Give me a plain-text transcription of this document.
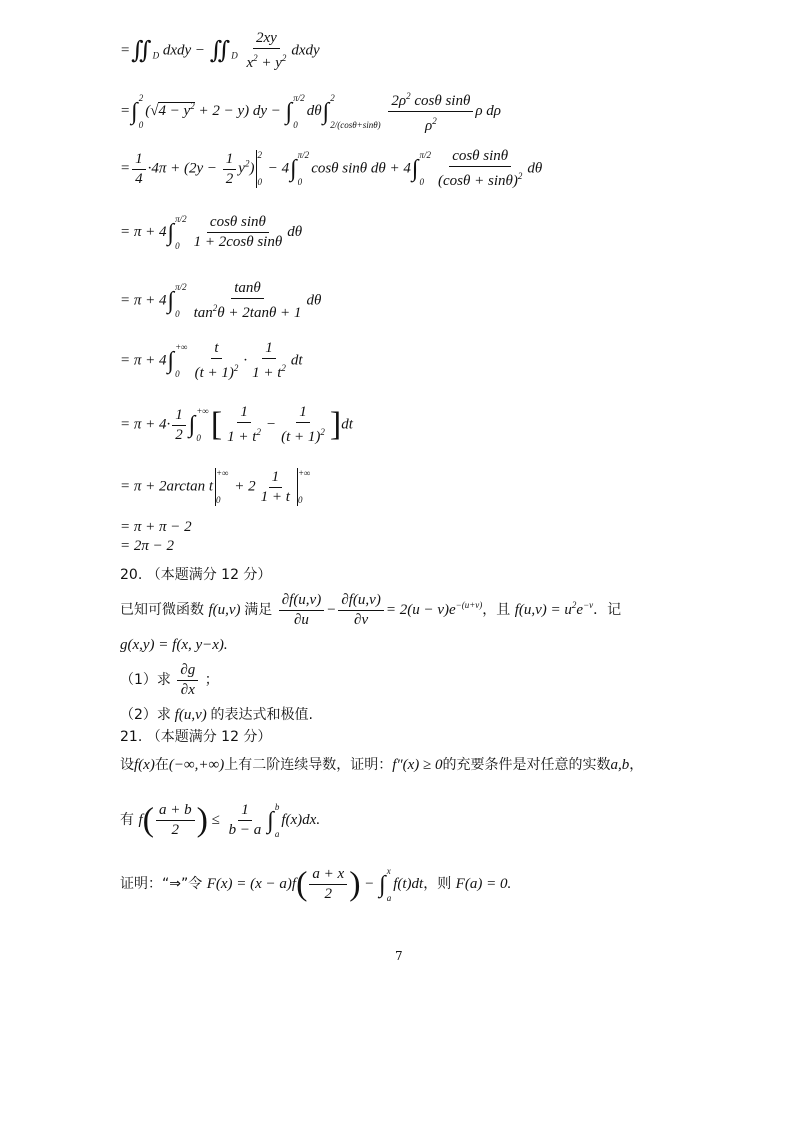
$=∬_D$ dxdy − $∬_D \frac{2xy}{x^2 + y^2}$ dxdy
=∫
2
0
$(√4 - y^2 + 2 - y)$ dy − ∫
π/2
0
dθ∫
2
2/(cosθ+sinθ)
$\frac{2\rho^2 \cos\theta \sin\theta}{\rho^2}$ ρ dρ
= $\frac{1}{4} \cdot 4\pi + (2y - \frac{1}{2} y^2)$
2
0
− 4∫
π/2
0
cosθ sinθ dθ + 4∫
π/2
$0 \frac{\text{cosθ sinθ}}{(\cos\theta + \sin\theta)^2}$ dθ
= π + 4∫
π/2
$0 \frac{\text{cosθ sinθ}}{\text{1 + 2cosθ sinθ}}$ dθ
= π + 4∫
π/2
$0 \frac{\tan\theta}{\tan^2\theta + 2\tan\theta + 1}$ dθ
= π + 4∫
+∞
$0 \frac{t}{(t + 1)^2} \cdot \frac{1}{1 + t^2}$ dt
= $\pi + 4\cdot \frac{1}{2}$ ∫
+∞
0 [ $\frac{1}{1 + t^2} - \frac{1}{(t + 1)^2} ]dt$
= π + 2arctan t
+∞
0
+ $2 \frac{1}{1 + t}$ +∞
0
= π + π − 2
= 2π − 2
20. （本题满分 12 分）
已知可微函数 f(u,v) 满足 $\frac{\partial f(u,v)}{\partial u} - \frac{\partial f(u,v)}{\partial v} = 2(u - v)e^{-(u+v)}$，且 $f(u,v) = u^2e^{-v}$．记
g(x,y) = f(x, y−x).
（1）求 $\frac{\partial g}{\partial x}$ ；
（2）求 f(u,v) 的表达式和极值.
21. （本题满分 12 分）
设f(x)在(−∞,+∞)上有二阶连续导数，证明：f″(x) ≥ 0的充要条件是对任意的实数a,b，
有 $f( \frac{a + b}{2}$ ) ≤ $\frac{1}{b - a}$ ∫
b
a
f(x)dx.
证明：“⇒”令 $F(x) = (x - a)f( \frac{a + x}{2}$ ) − ∫
x
a
f(t)dt，则 F(a) = 0.
7
